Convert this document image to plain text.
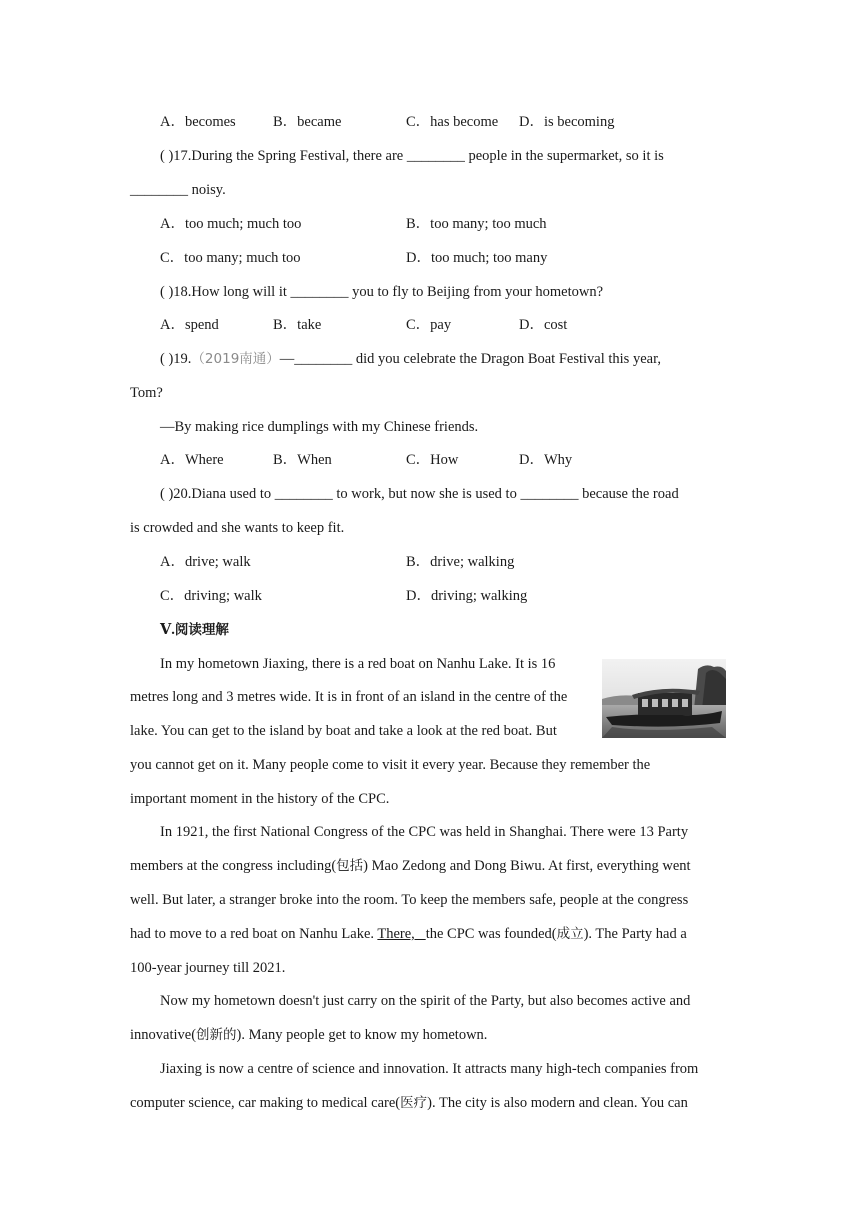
A．becomes	B．became	C．has become D．is becoming
( )17.During the Spring Festival, there are ________ people in the supermarket, so it is
________ noisy.
A．too much; much too	B．too many; too much
C．too many; much too	D．too much; too many
( )18.How long will it ________ you to fly to Beijing from your hometown?
A．spend	B．take	C．pay	D．cost
( )19.（2019南通）—________ did you celebrate the Dragon Boat Festival this year,
Tom?
—By making rice dumplings with my Chinese friends.
A．Where	B．When	C．How	D．Why
( )20.Diana used to ________ to work, but now she is used to ________ because the road
is crowded and she wants to keep fit.
A．drive; walk	B．drive; walking
C．driving; walk	D．driving; walking
Ⅴ.阅读理解
In my hometown Jiaxing, there is a red boat on Nanhu Lake. It is 16
metres long and 3 metres wide. It is in front of an island in the centre of the
lake. You can get to the island by boat and take a look at the red boat. But
you cannot get on it. Many people come to visit it every year. Because they remember the
important moment in the history of the CPC.
In 1921, the first National Congress of the CPC was held in Shanghai. There were 13 Party
members at the congress including(包括) Mao Zedong and Dong Biwu. At first, everything went
well. But later, a stranger broke into the room. To keep the members safe, people at the congress
had to move to a red boat on Nanhu Lake. There,   the CPC was founded(成立). The Party had a
100-year journey till 2021.
Now my hometown doesn't just carry on the spirit of the Party, but also becomes active and
innovative(创新的). Many people get to know my hometown.
Jiaxing is now a centre of science and innovation. It attracts many high-tech companies from
computer science, car making to medical care(医疗). The city is also modern and clean. You can
